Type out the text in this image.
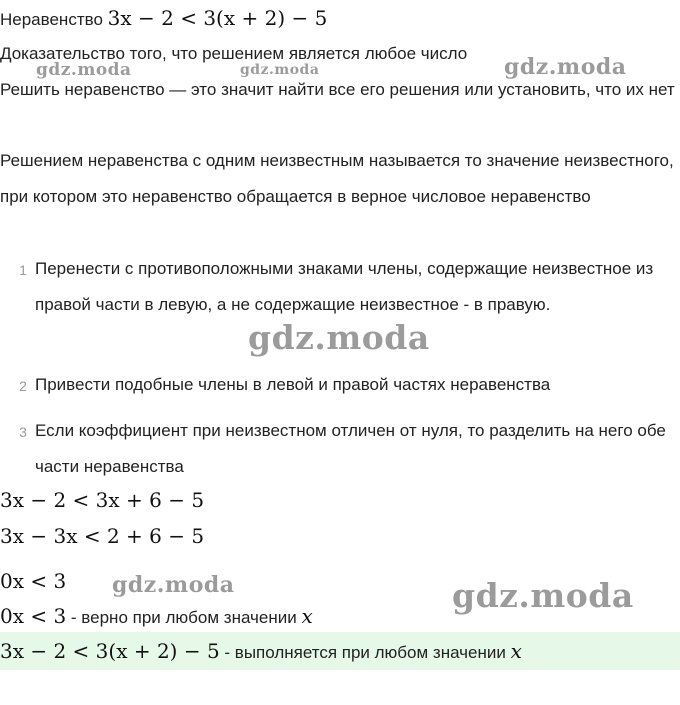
Неравенство 3x − 2 < 3(x + 2) − 5
Доказательство того, что решением является любое число
Решить неравенство — это значит найти все его решения или установить, что их нет
Решением неравенства с одним неизвестным называется то значение неизвестного, при котором это неравенство обращается в верное числовое неравенство
1 Перенести с противоположными знаками члены, содержащие неизвестное из правой части в левую, а не содержащие неизвестное - в правую.
2 Привести подобные члены в левой и правой частях неравенства
3 Если коэффициент при неизвестном отличен от нуля, то разделить на него обе части неравенства
3x − 2 < 3x + 6 − 5
3x − 3x < 2 + 6 − 5
0x < 3
0x < 3 - верно при любом значении x
3x − 2 < 3(x + 2) − 5 - выполняется при любом значении x
gdz.moda	gdz.moda	gdz.moda
gdz.moda
gdz.moda	gdz.moda
